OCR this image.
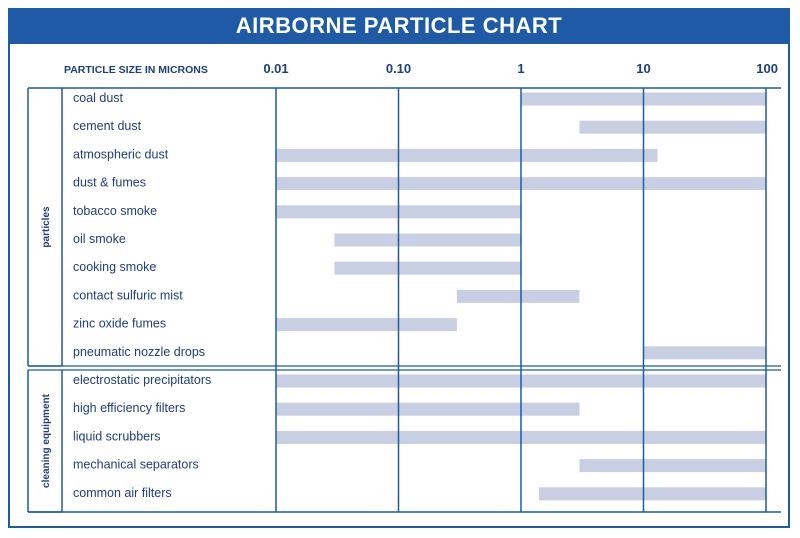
AIRBORNE PARTICLE CHART
PARTICLE SIZE IN MICRONS	0.01	0.10	1	10	100
coal dust
cement dust
atmospheric dust
dust & fumes
tobacco smoke
oil smoke
cooking smoke
contact sulfuric mist
zinc oxide fumes
pneumatic nozzle drops
electrostatic precipitators
high efficiency filters
liquid scrubbers
mechanical separators
common air filters
particles
cleaning equipment
